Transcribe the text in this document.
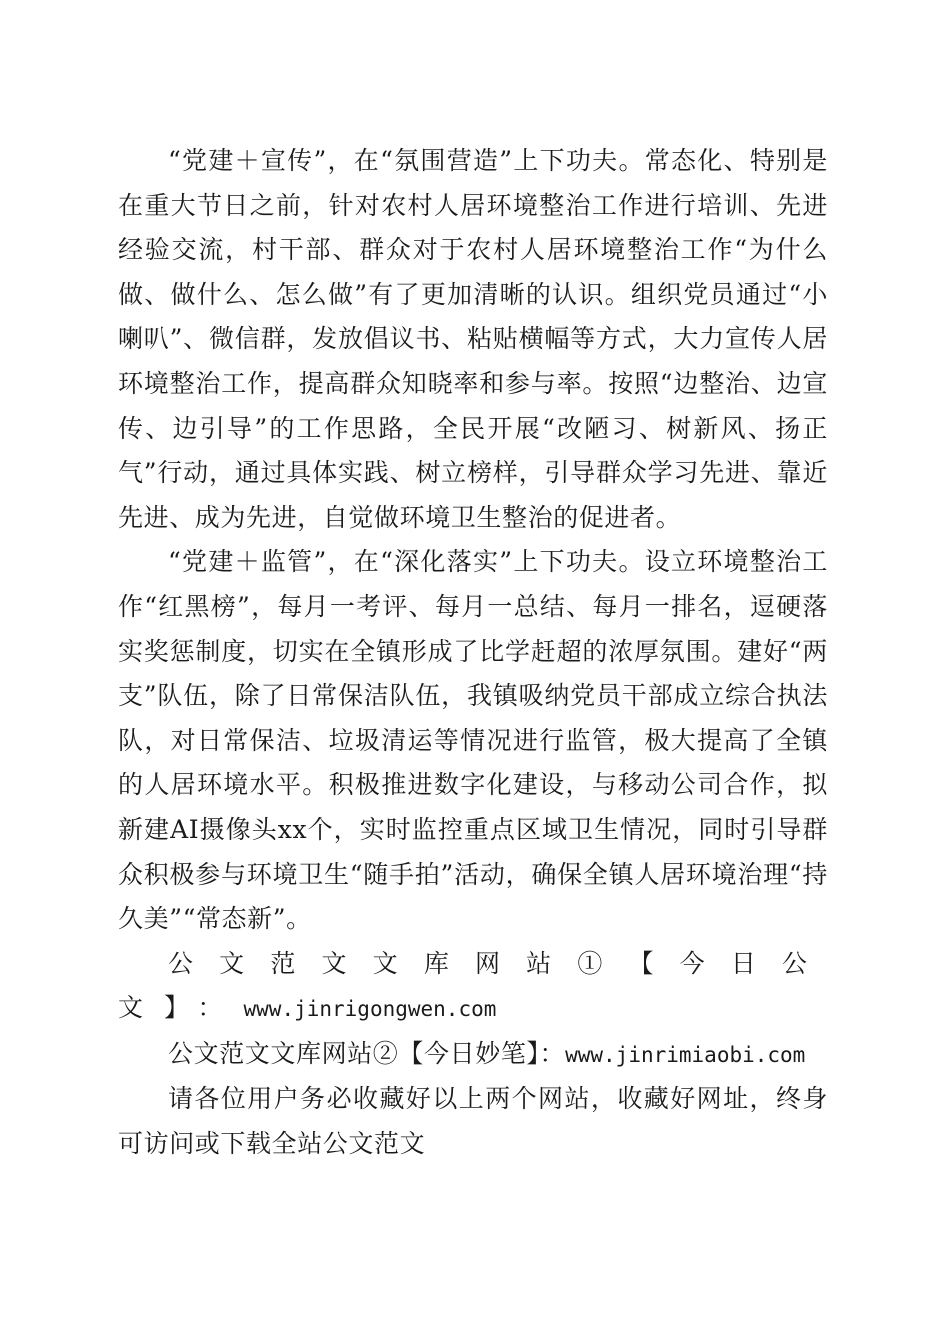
“党建＋宣传”，在“氛围营造”上下功夫。常态化、特别是在重大节日之前，针对农村人居环境整治工作进行培训、先进经验交流，村干部、群众对于农村人居环境整治工作“为什么做、做什么、怎么做”有了更加清晰的认识。组织党员通过“小喇叭”、微信群，发放倡议书、粘贴横幅等方式，大力宣传人居环境整治工作，提高群众知晓率和参与率。按照“边整治、边宣传、边引导”的工作思路，全民开展“改陋习、树新风、扬正气”行动，通过具体实践、树立榜样，引导群众学习先进、靠近先进、成为先进，自觉做环境卫生整治的促进者。

“党建＋监管”，在“深化落实”上下功夫。设立环境整治工作“红黑榜”，每月一考评、每月一总结、每月一排名，逗硬落实奖惩制度，切实在全镇形成了比学赶超的浓厚氛围。建好“两支”队伍，除了日常保洁队伍，我镇吸纳党员干部成立综合执法队，对日常保洁、垃圾清运等情况进行监管，极大提高了全镇的人居环境水平。积极推进数字化建设，与移动公司合作，拟新建AI摄像头xx个，实时监控重点区域卫生情况，同时引导群众积极参与环境卫生“随手拍”活动，确保全镇人居环境治理“持久美”“常态新”。

公文范文文库网站①【今日公文】：www.jinrigongwen.com

公文范文文库网站②【今日妙笔】：www.jinrimiaobi.com

请各位用户务必收藏好以上两个网站，收藏好网址，终身可访问或下载全站公文范文
